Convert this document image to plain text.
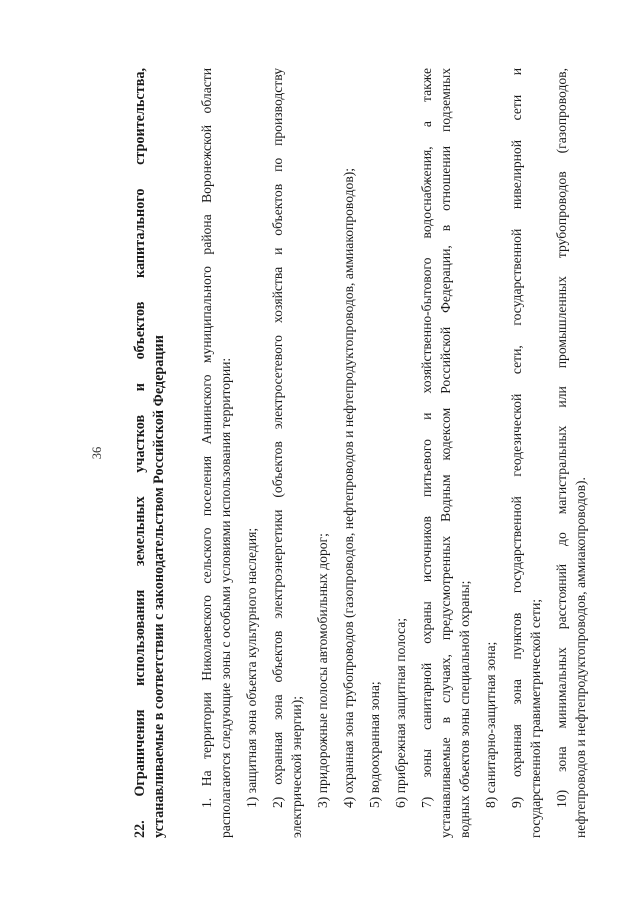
36 22. Ограничения использования земельных участков и объектов капитального строительства, устанавливаемые в соответствии с законодательством Российской Федерации 1. На территории Николаевского сельского поселения Аннинского муниципального района Воронежской области располагаются следующие зоны с особыми условиями использования территории: 1) защитная зона объекта культурного наследия; 2) охранная зона объектов электроэнергетики (объектов электросетевого хозяйства и объектов по производству электрической энергии); 3) придорожные полосы автомобильных дорог; 4) охранная зона трубопроводов (газопроводов, нефтепроводов и нефтепродуктопроводов, аммиакопроводов); 5) водоохранная зона; 6) прибрежная защитная полоса; 7) зоны санитарной охраны источников питьевого и хозяйственно-бытового водоснабжения, а также устанавливаемые в случаях, предусмотренных Водным кодексом Российской Федерации, в отношении подземных водных объектов зоны специальной охраны; 8) санитарно-защитная зона; 9) охранная зона пунктов государственной геодезической сети, государственной нивелирной сети и государственной гравиметрической сети; 10) зона минимальных расстояний до магистральных или промышленных трубопроводов (газопроводов, нефтепроводов и нефтепродуктопроводов, аммиакопроводов).
